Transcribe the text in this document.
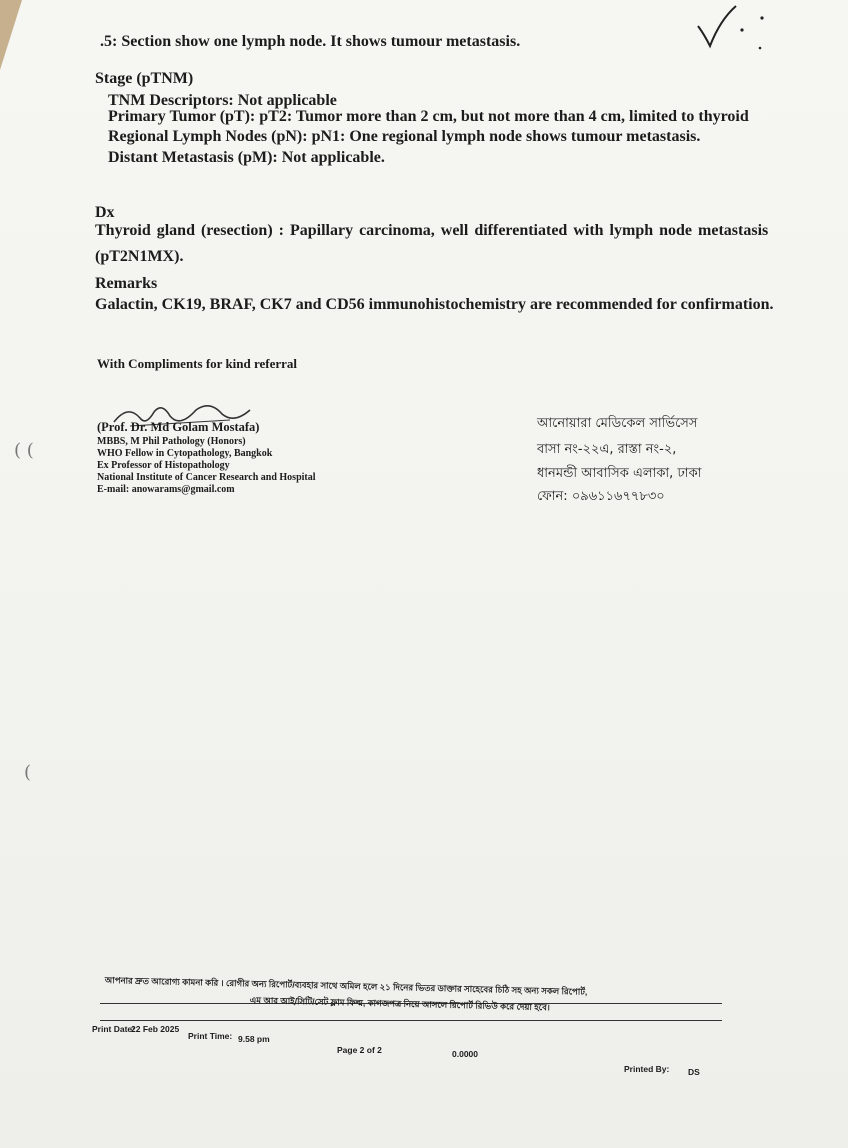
.5: Section show one lymph node. It shows tumour metastasis.
Stage (pTNM)
TNM Descriptors: Not applicable
Primary Tumor (pT): pT2: Tumor more than 2 cm, but not more than 4 cm, limited to thyroid
Regional Lymph Nodes (pN): pN1: One regional lymph node shows tumour metastasis.
Distant Metastasis (pM): Not applicable.
Dx
Thyroid gland (resection) : Papillary carcinoma, well differentiated with lymph node metastasis
(pT2N1MX).
Remarks
Galactin, CK19, BRAF, CK7 and CD56 immunohistochemistry are recommended for confirmation.
With Compliments for kind referral
(Prof. Dr. Md Golam Mostafa)
MBBS, M Phil Pathology (Honors)
WHO Fellow in Cytopathology, Bangkok
Ex Professor of Histopathology
National Institute of Cancer Research and Hospital
E-mail: anowarams@gmail.com
আনোয়ারা মেডিকেল সার্ভিসেস
বাসা নং-২২এ, রাস্তা নং-২,
ধানমন্ডী আবাসিক এলাকা, ঢাকা
ফোন: ০৯৬১১৬৭৭৮৩০
( (
(
আপনার দ্রুত আরোগ্য কামনা করি । রোগীর অন্য রিপোর্ট/ব্যবহার সাথে অমিল হলে ২১ দিনের ভিতর ডাক্তার সাহেবের চিঠি সহ অন্য সকল রিপোর্ট,
এম আর আই/সিটি/সেট ফ্লাম ফিল্ম, কাগজপত্র নিয়ে আসলে রিপোর্ট রিভিউ করে দেয়া হবে।
Print Date:
22 Feb 2025
Print Time: 9.58 pm
Page 2 of 2	0.0000
Printed By: DS
